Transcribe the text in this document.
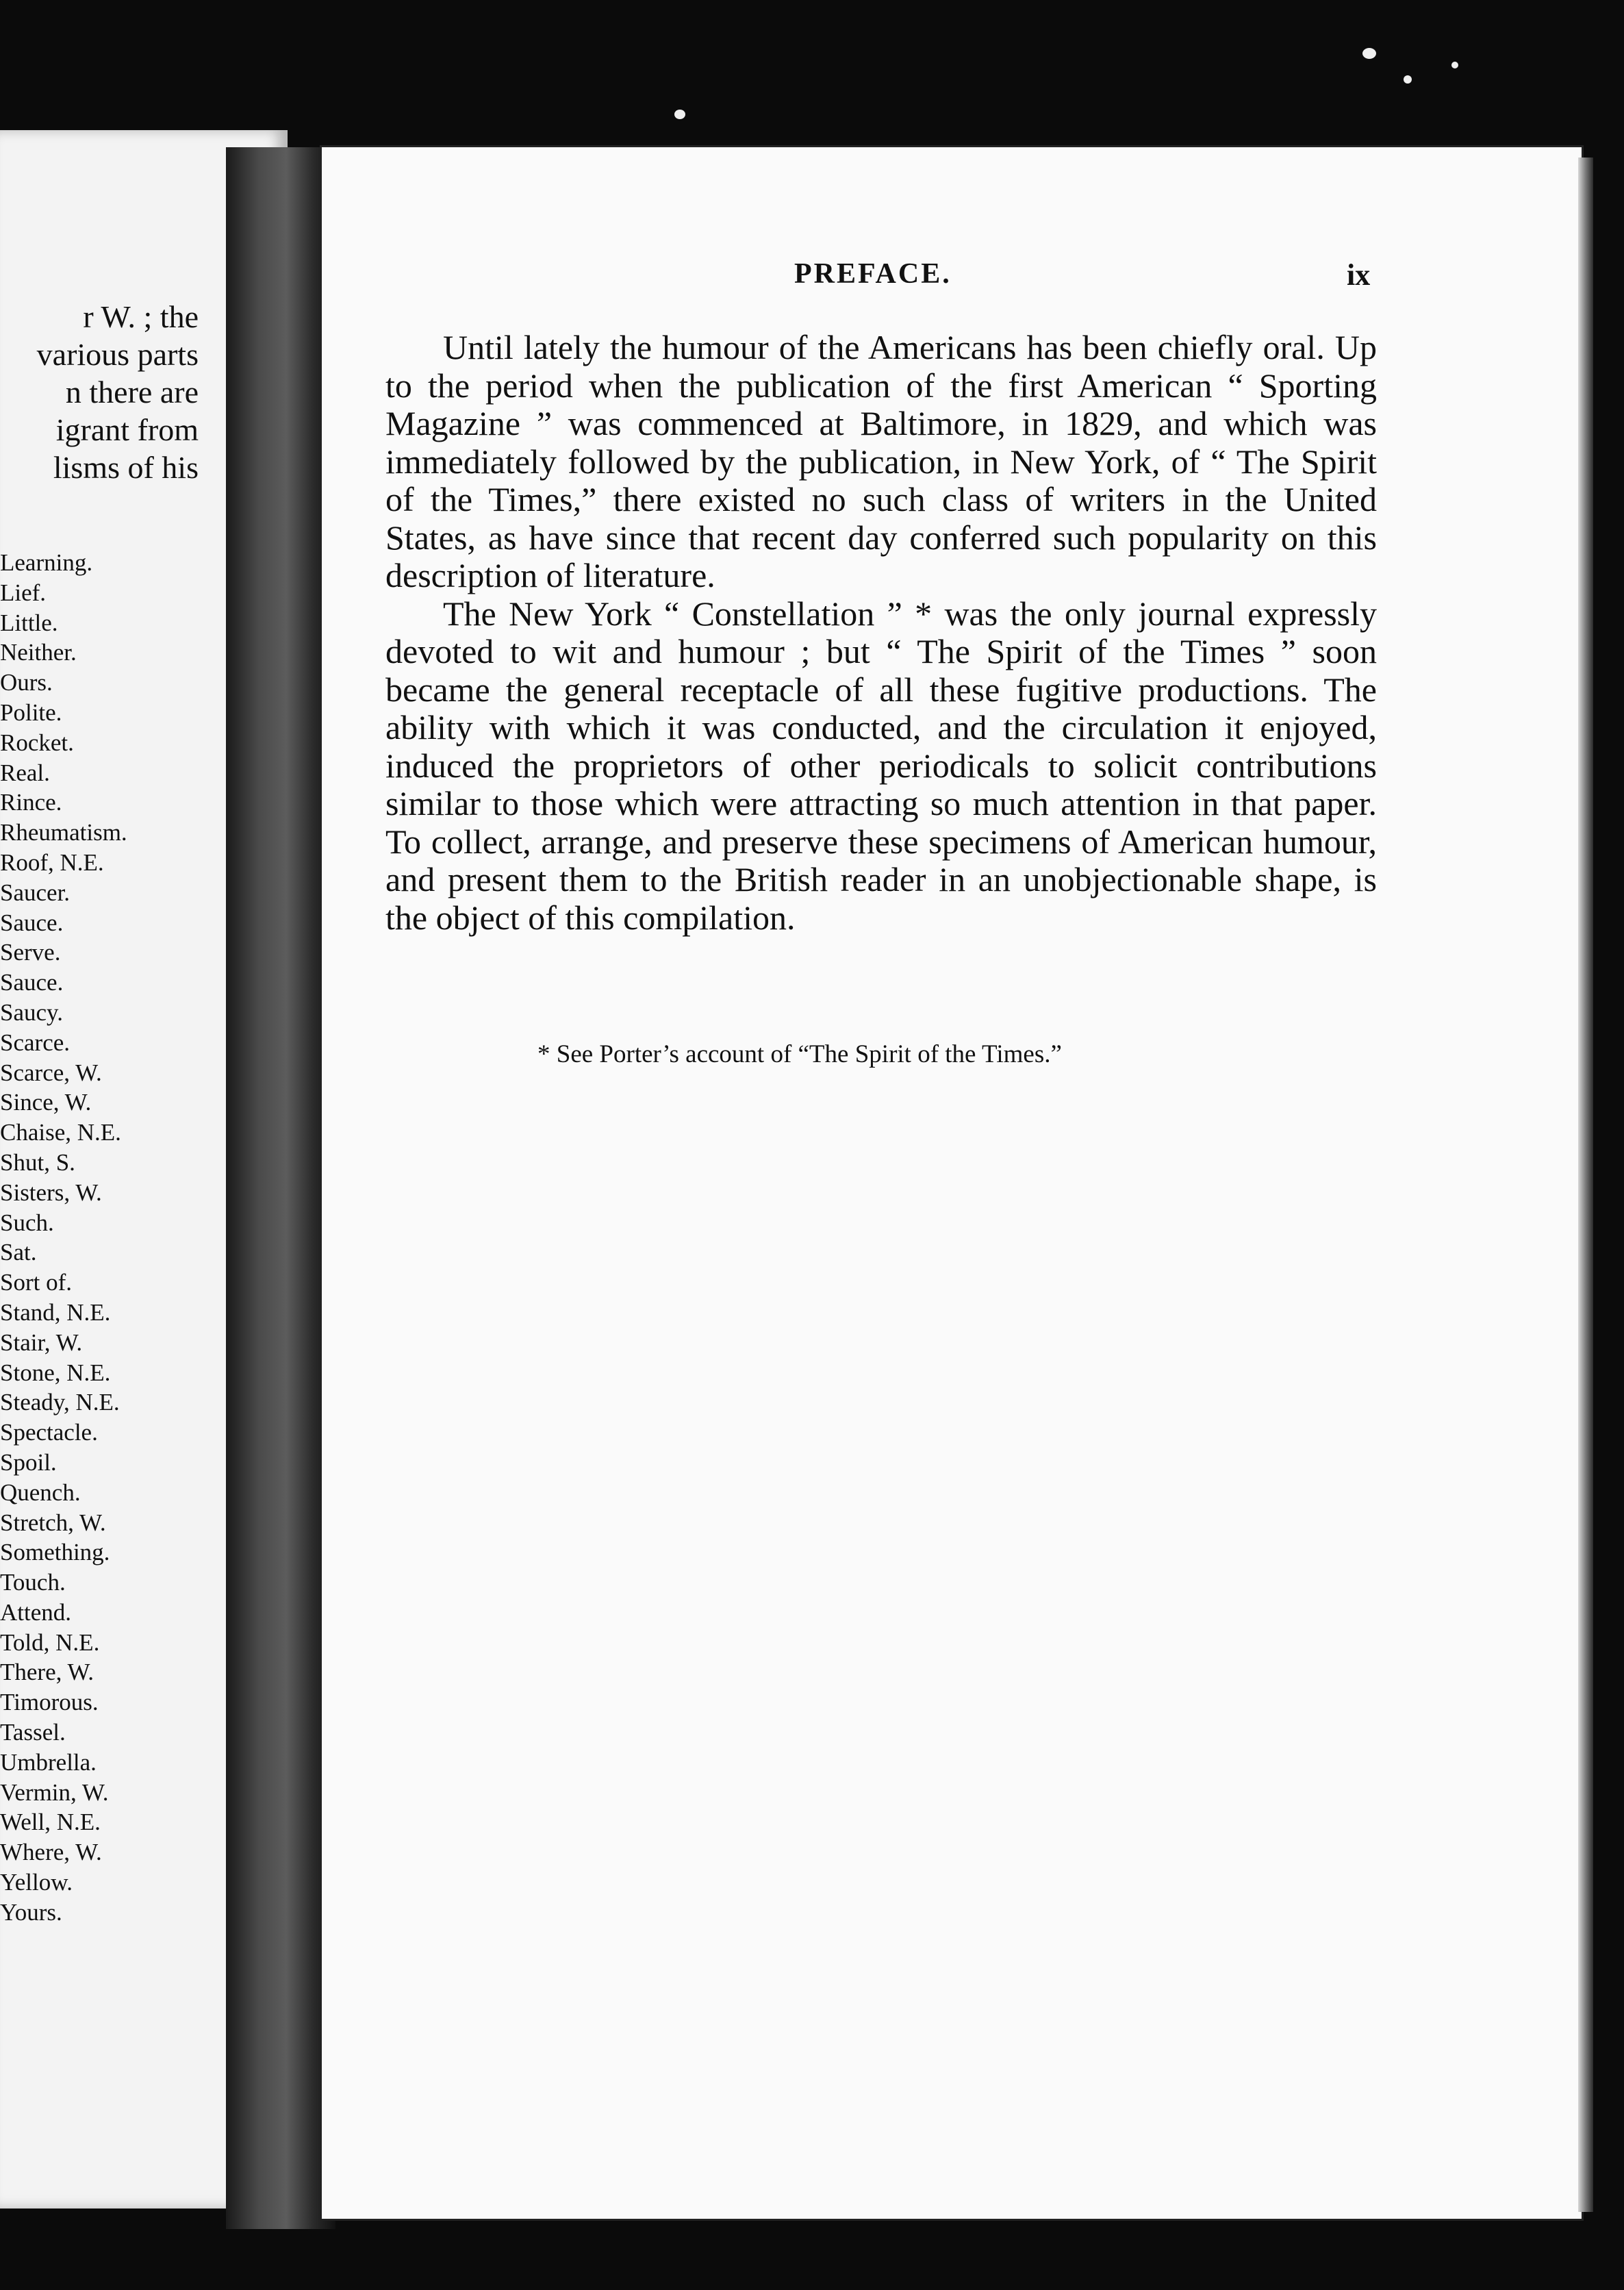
r W. ; the
various parts
n there are
igrant from
lisms of his
Learning.
Lief.
Little.
Neither.
Ours.
Polite.
Rocket.
Real.
Rince.
Rheumatism.
Roof, N.E.
Saucer.
Sauce.
Serve.
Sauce.
Saucy.
Scarce.
Scarce, W.
Since, W.
Chaise, N.E.
Shut, S.
Sisters, W.
Such.
Sat.
Sort of.
Stand, N.E.
Stair, W.
Stone, N.E.
Steady, N.E.
Spectacle.
Spoil.
Quench.
Stretch, W.
Something.
Touch.
Attend.
Told, N.E.
There, W.
Timorous.
Tassel.
Umbrella.
Vermin, W.
Well, N.E.
Where, W.
Yellow.
Yours.
PREFACE.	ix

Until lately the humour of the Americans has been chiefly oral. Up to the period when the publication of the first American “ Sporting Magazine ” was commenced at Baltimore, in 1829, and which was immediately followed by the publication, in New York, of “ The Spirit of the Times,” there existed no such class of writers in the United States, as have since that recent day conferred such popularity on this description of literature.

The New York “ Constellation ” * was the only journal expressly devoted to wit and humour ; but “ The Spirit of the Times ” soon became the general receptacle of all these fugitive productions. The ability with which it was conducted, and the circulation it enjoyed, induced the proprietors of other periodicals to solicit contributions similar to those which were attracting so much attention in that paper. To collect, arrange, and preserve these specimens of American humour, and present them to the British reader in an unobjectionable shape, is the object of this compilation.

* See Porter’s account of “The Spirit of the Times.”
